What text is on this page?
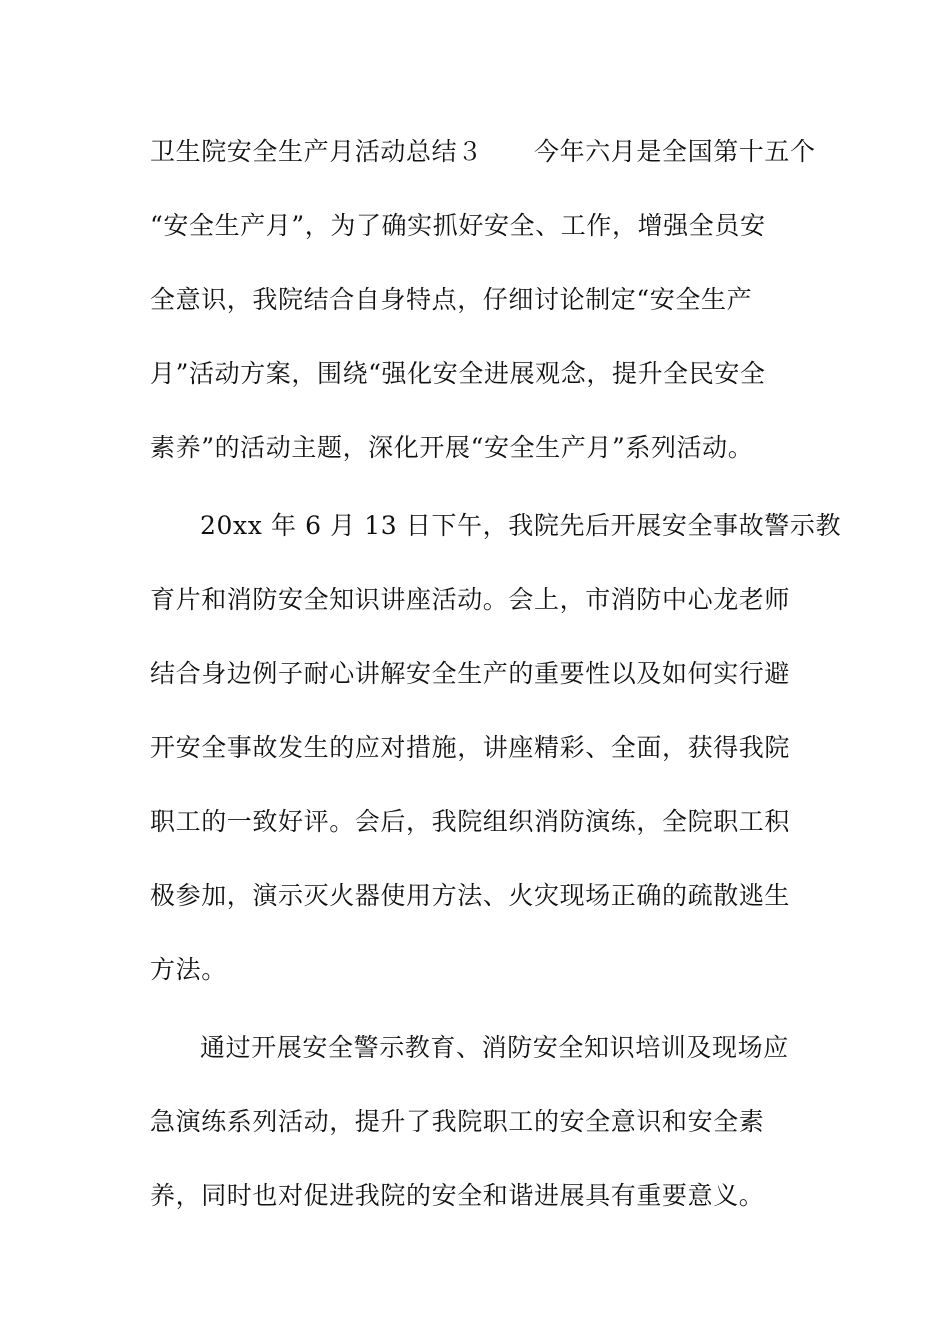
卫生院安全生产月活动总结３　　今年六月是全国第十五个

“安全生产月”，为了确实抓好安全、工作，增强全员安

全意识，我院结合自身特点，仔细讨论制定“安全生产

月”活动方案，围绕“强化安全进展观念，提升全民安全

素养”的活动主题，深化开展“安全生产月”系列活动。

20xx 年 6 月 13 日下午，我院先后开展安全事故警示教

育片和消防安全知识讲座活动。会上，市消防中心龙老师

结合身边例子耐心讲解安全生产的重要性以及如何实行避

开安全事故发生的应对措施，讲座精彩、全面，获得我院

职工的一致好评。会后，我院组织消防演练，全院职工积

极参加，演示灭火器使用方法、火灾现场正确的疏散逃生

方法。

通过开展安全警示教育、消防安全知识培训及现场应

急演练系列活动，提升了我院职工的安全意识和安全素

养，同时也对促进我院的安全和谐进展具有重要意义。
